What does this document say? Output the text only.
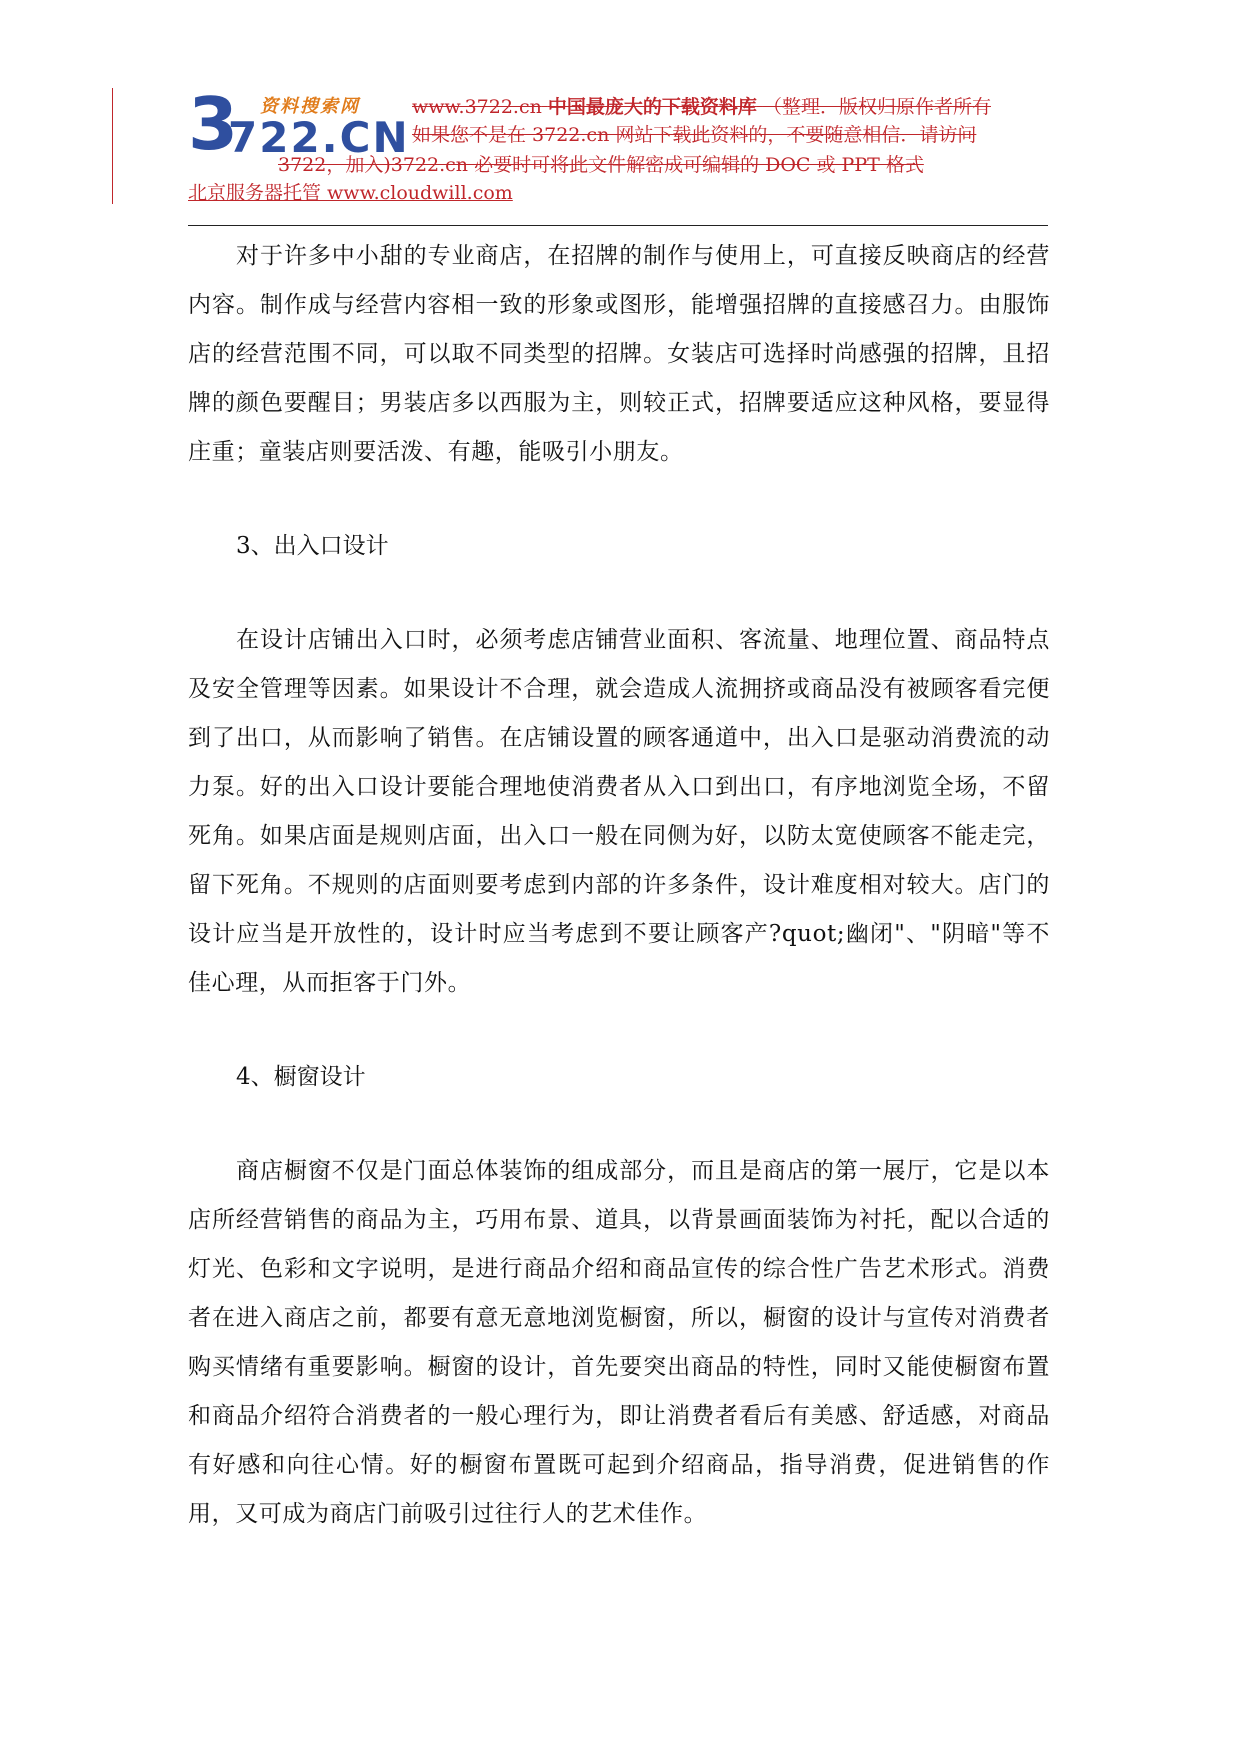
3 资料搜索网
722.CN
www.3722.cn 中国最庞大的下载资料库 （整理．版权归原作者所有
如果您不是在 3722.cn 网站下载此资料的，不要随意相信．请访问
3722，加入)3722.cn 必要时可将此文件解密成可编辑的 DOC 或 PPT 格式
北京服务器托管 www.cloudwill.com

对于许多中小甜的专业商店，在招牌的制作与使用上，可直接反映商店的经营内容。制作成与经营内容相一致的形象或图形，能增强招牌的直接感召力。由服饰店的经营范围不同，可以取不同类型的招牌。女装店可选择时尚感强的招牌，且招牌的颜色要醒目；男装店多以西服为主，则较正式，招牌要适应这种风格，要显得庄重；童装店则要活泼、有趣，能吸引小朋友。

3、出入口设计

在设计店铺出入口时，必须考虑店铺营业面积、客流量、地理位置、商品特点及安全管理等因素。如果设计不合理，就会造成人流拥挤或商品没有被顾客看完便到了出口，从而影响了销售。在店铺设置的顾客通道中，出入口是驱动消费流的动力泵。好的出入口设计要能合理地使消费者从入口到出口，有序地浏览全场，不留死角。如果店面是规则店面，出入口一般在同侧为好，以防太宽使顾客不能走完，留下死角。不规则的店面则要考虑到内部的许多条件，设计难度相对较大。店门的设计应当是开放性的，设计时应当考虑到不要让顾客产?quot;幽闭"、"阴暗"等不佳心理，从而拒客于门外。

4、橱窗设计

商店橱窗不仅是门面总体装饰的组成部分，而且是商店的第一展厅，它是以本店所经营销售的商品为主，巧用布景、道具，以背景画面装饰为衬托，配以合适的灯光、色彩和文字说明，是进行商品介绍和商品宣传的综合性广告艺术形式。消费者在进入商店之前，都要有意无意地浏览橱窗，所以，橱窗的设计与宣传对消费者购买情绪有重要影响。橱窗的设计，首先要突出商品的特性，同时又能使橱窗布置和商品介绍符合消费者的一般心理行为，即让消费者看后有美感、舒适感，对商品有好感和向往心情。好的橱窗布置既可起到介绍商品，指导消费，促进销售的作用，又可成为商店门前吸引过往行人的艺术佳作。
